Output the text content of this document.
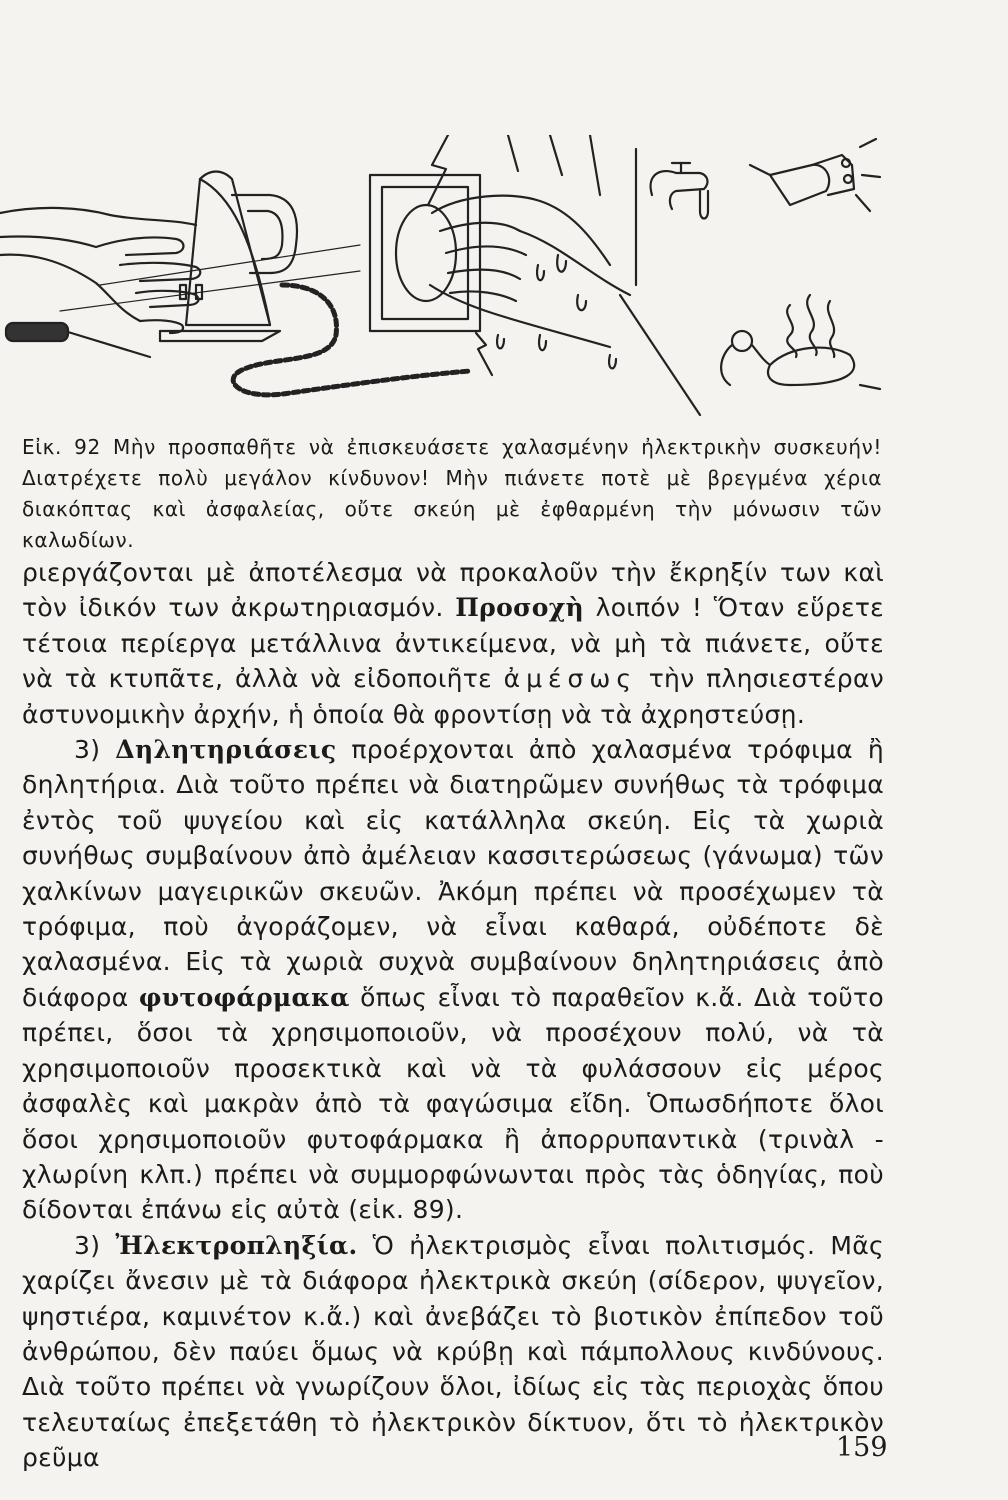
Εἰκ. 92 Μὴν προσπαθῆτε νὰ ἐπισκευάσετε χαλασμένην ἠλεκτρικὴν συσκευήν! Διατρέχετε πολὺ μεγάλον κίνδυνον! Μὴν πιάνετε ποτὲ μὲ βρεγμένα χέρια διακόπτας καὶ ἀσφαλείας, οὔτε σκεύη μὲ ἐφθαρμένη τὴν μόνωσιν τῶν καλωδίων.

ριεργάζονται μὲ ἀποτέλεσμα νὰ προκαλοῦν τὴν ἔκρηξίν των καὶ τὸν ἰδικόν των ἀκρωτηριασμόν. Προσοχὴ λοιπόν ! Ὅταν εὕρετε τέτοια περίεργα μετάλλινα ἀντικείμενα, νὰ μὴ τὰ πιάνετε, οὔτε νὰ τὰ κτυπᾶτε, ἀλλὰ νὰ εἰδοποιῆτε ἀμέσως τὴν πλησιεστέραν ἀστυνομικὴν ἀρχήν, ἡ ὁποία θὰ φροντίσῃ νὰ τὰ ἀχρηστεύσῃ.

3) Δηλητηριάσεις προέρχονται ἀπὸ χαλασμένα τρόφιμα ἢ δηλητήρια. Διὰ τοῦτο πρέπει νὰ διατηρῶμεν συνήθως τὰ τρόφιμα ἐντὸς τοῦ ψυγείου καὶ εἰς κατάλληλα σκεύη. Εἰς τὰ χωριὰ συνήθως συμβαίνουν ἀπὸ ἀμέλειαν κασσιτερώσεως (γάνωμα) τῶν χαλκίνων μαγειρικῶν σκευῶν. Ἀκόμη πρέπει νὰ προσέχωμεν τὰ τρόφιμα, ποὺ ἀγοράζομεν, νὰ εἶναι καθαρά, οὐδέποτε δὲ χαλασμένα. Εἰς τὰ χωριὰ συχνὰ συμβαίνουν δηλητηριάσεις ἀπὸ διάφορα φυτοφάρμακα ὅπως εἶναι τὸ παραθεῖον κ.ἄ. Διὰ τοῦτο πρέπει, ὅσοι τὰ χρησιμοποιοῦν, νὰ προσέχουν πολύ, νὰ τὰ χρησιμοποιοῦν προσεκτικὰ καὶ νὰ τὰ φυλάσσουν εἰς μέρος ἀσφαλὲς καὶ μακρὰν ἀπὸ τὰ φαγώσιμα εἴδη. Ὁπωσδήποτε ὅλοι ὅσοι χρησιμοποιοῦν φυτοφάρμακα ἢ ἀπορρυπαντικὰ (τρινὰλ - χλωρίνη κλπ.) πρέπει νὰ συμμορφώνωνται πρὸς τὰς ὁδηγίας, ποὺ δίδονται ἐπάνω εἰς αὐτὰ (εἰκ. 89).

3) Ἠλεκτροπληξία. Ὁ ἠλεκτρισμὸς εἶναι πολιτισμός. Μᾶς χαρίζει ἄνεσιν μὲ τὰ διάφορα ἠλεκτρικὰ σκεύη (σίδερον, ψυγεῖον, ψηστιέρα, καμινέτον κ.ἄ.) καὶ ἀνεβάζει τὸ βιοτικὸν ἐπίπεδον τοῦ ἀνθρώπου, δὲν παύει ὅμως νὰ κρύβῃ καὶ πάμπολλους κινδύνους. Διὰ τοῦτο πρέπει νὰ γνωρίζουν ὅλοι, ἰδίως εἰς τὰς περιοχὰς ὅπου τελευταίως ἐπεξετάθη τὸ ἠλεκτρικὸν δίκτυον, ὅτι τὸ ἠλεκτρικὸν ρεῦμα	159
